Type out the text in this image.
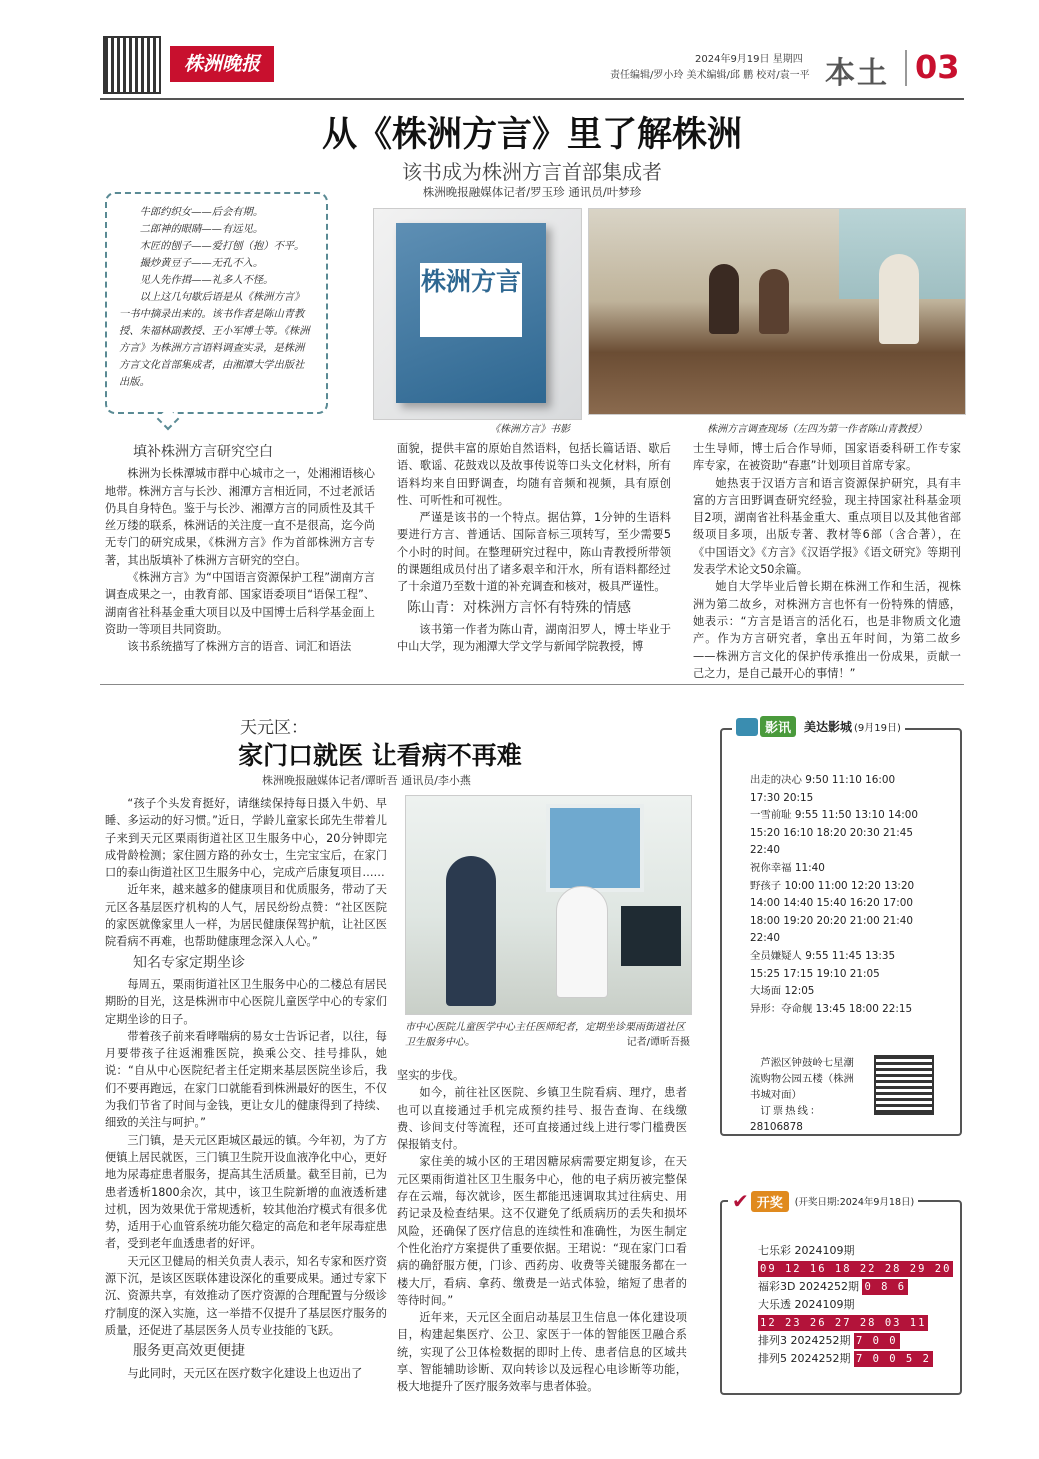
株洲晚报	2024年9月19日 星期四
责任编辑/罗小玲 美术编辑/邱 鹏 校对/袁一平 本土 03
从《株洲方言》里了解株洲
该书成为株洲方言首部集成者
株洲晚报融媒体记者/罗玉珍 通讯员/叶梦珍
牛郎约织女——后会有期。
二郎神的眼睛——有远见。
木匠的刨子——爱打刨（抱）不平。
撮炒黄豆子——无孔不入。
见人先作揖——礼多人不怪。
以上这几句歇后语是从《株洲方言》一书中摘录出来的。该书作者是陈山青教授、朱福林副教授、王小军博士等。《株洲方言》为株洲方言语料调查实录，是株洲方言文化首部集成者，由湘潭大学出版社出版。
株洲方言
《株洲方言》书影	株洲方言调查现场（左四为第一作者陈山青教授）
填补株洲方言研究空白

株洲为长株潭城市群中心城市之一，处湘湘语核心地带。株洲方言与长沙、湘潭方言相近同，不过老派话仍具自身特色。鉴于与长沙、湘潭方言的同质性及其千丝万缕的联系，株洲话的关注度一直不是很高，迄今尚无专门的研究成果，《株洲方言》作为首部株洲方言专著，其出版填补了株洲方言研究的空白。

《株洲方言》为“中国语言资源保护工程”湖南方言调查成果之一，由教育部、国家语委项目“语保工程”、湖南省社科基金重大项目以及中国博士后科学基金面上资助一等项目共同资助。

该书系统描写了株洲方言的语音、词汇和语法

面貌，提供丰富的原始自然语料，包括长篇话语、歇后语、歌谣、花鼓戏以及故事传说等口头文化材料，所有语料均来自田野调查，均随有音频和视频，具有原创性、可听性和可视性。

严谨是该书的一个特点。据估算，1分钟的生语料要进行方言、普通话、国际音标三项转写，至少需要5个小时的时间。在整理研究过程中，陈山青教授所带领的课题组成员付出了诸多艰辛和汗水，所有语料都经过了十余道乃至数十道的补充调查和核对，极具严谨性。

陈山青：对株洲方言怀有特殊的情感

该书第一作者为陈山青，湖南汨罗人，博士毕业于中山大学，现为湘潭大学文学与新闻学院教授，博

士生导师，博士后合作导师，国家语委科研工作专家库专家，在被资助“春惠”计划项目首席专家。

她热衷于汉语方言和语言资源保护研究，具有丰富的方言田野调查研究经验，现主持国家社科基金项目2项，湖南省社科基金重大、重点项目以及其他省部级项目多项，出版专著、教材等6部（含合著），在《中国语文》《方言》《汉语学报》《语文研究》等期刊发表学术论文50余篇。

她自大学毕业后曾长期在株洲工作和生活，视株洲为第二故乡，对株洲方言也怀有一份特殊的情感，她表示：“方言是语言的活化石，也是非物质文化遗产。作为方言研究者，拿出五年时间，为第二故乡——株洲方言文化的保护传承推出一份成果，贡献一己之力，是自己最开心的事情！”

天元区：
家门口就医 让看病不再难
株洲晚报融媒体记者/谭昕吾 通讯员/李小燕

“孩子个头发育挺好，请继续保持每日摄入牛奶、早睡、多运动的好习惯。”近日，学龄儿童家长邱先生带着儿子来到天元区栗雨街道社区卫生服务中心，20分钟即完成骨龄检测；家住圆方路的孙女士，生完宝宝后，在家门口的泰山街道社区卫生服务中心，完成产后康复项目……

近年来，越来越多的健康项目和优质服务，带动了天元区各基层医疗机构的人气，居民纷纷点赞：“社区医院的家医就像家里人一样，为居民健康保驾护航，让社区医院看病不再难，也帮助健康理念深入人心。”

知名专家定期坐诊

每周五，栗雨街道社区卫生服务中心的二楼总有居民期盼的目光，这是株洲市中心医院儿童医学中心的专家们定期坐诊的日子。

带着孩子前来看哮喘病的易女士告诉记者，以往，每月要带孩子往返湘雅医院，换乘公交、挂号排队，她说：“自从中心医院纪者主任定期来基层医院坐诊后，我们不要再跑远，在家门口就能看到株洲最好的医生，不仅为我们节省了时间与金钱，更让女儿的健康得到了持续、细致的关注与呵护。”

三门镇，是天元区距城区最远的镇。今年初，为了方便镇上居民就医，三门镇卫生院开设血液净化中心，更好地为尿毒症患者服务，提高其生活质量。截至目前，已为患者透析1800余次，其中，该卫生院新增的血液透析建过机，因为效果优于常规透析，较其他治疗模式有很多优势，适用于心血管系统功能欠稳定的高危和老年尿毒症患者，受到老年血透患者的好评。

天元区卫健局的相关负责人表示，知名专家和医疗资源下沉，是该区医联体建设深化的重要成果。通过专家下沉、资源共享，有效推动了医疗资源的合理配置与分级诊疗制度的深入实施，这一举措不仅提升了基层医疗服务的质量，还促进了基层医务人员专业技能的飞跃。

服务更高效更便捷

与此同时，天元区在医疗数字化建设上也迈出了

市中心医院儿童医学中心主任医师纪者，定期坐诊栗雨街道社区卫生服务中心。	记者/谭昕吾摄

坚实的步伐。

如今，前往社区医院、乡镇卫生院看病、理疗，患者也可以直接通过手机完成预约挂号、报告查询、在线缴费、诊间支付等流程，还可直接通过线上进行零门槛费医保报销支付。

家住美的城小区的王珺因糖尿病需要定期复诊，在天元区栗雨街道社区卫生服务中心，他的电子病历被完整保存在云端，每次就诊，医生都能迅速调取其过往病史、用药记录及检查结果。这不仅避免了纸质病历的丢失和损坏风险，还确保了医疗信息的连续性和准确性，为医生制定个性化治疗方案提供了重要依据。王珺说：“现在家门口看病的确舒服方便，门诊、西药房、收费等关键服务都在一楼大厅，看病、拿药、缴费是一站式体验，缩短了患者的等待时间。”

近年来，天元区全面启动基层卫生信息一体化建设项目，构建起集医疗、公卫、家医于一体的智能医卫融合系统，实现了公卫体检数据的即时上传、患者信息的区域共享、智能辅助诊断、双向转诊以及远程心电诊断等功能，极大地提升了医疗服务效率与患者体验。

影讯	美达影城 (9月19日)
出走的决心 9:50 11:10 16:00
17:30 20:15
一雪前耻 9:55 11:50 13:10 14:00
15:20 16:10 18:20 20:30 21:45
22:40
祝你幸福 11:40
野孩子 10:00 11:00 12:20 13:20
14:00 14:40 15:40 16:20 17:00
18:00 19:20 20:20 21:00 21:40
22:40
全员嫌疑人 9:55 11:45 13:35
15:25 17:15 19:10 21:05
大场面 12:05
异形：夺命舰 13:45 18:00 22:15
芦淞区钟鼓岭七星潮流购物公园五楼（株洲书城对面）
订票热线：
28106878
✔ 开奖	(开奖日期:2024年9月18日)
七乐彩 2024109期
09 12 16 18 22 28 29 20
福彩3D 2024252期 0 8 6
大乐透 2024109期
12 23 26 27 28 03 11
排列3 2024252期 7 0 0
排列5 2024252期 7 0 0 5 2
